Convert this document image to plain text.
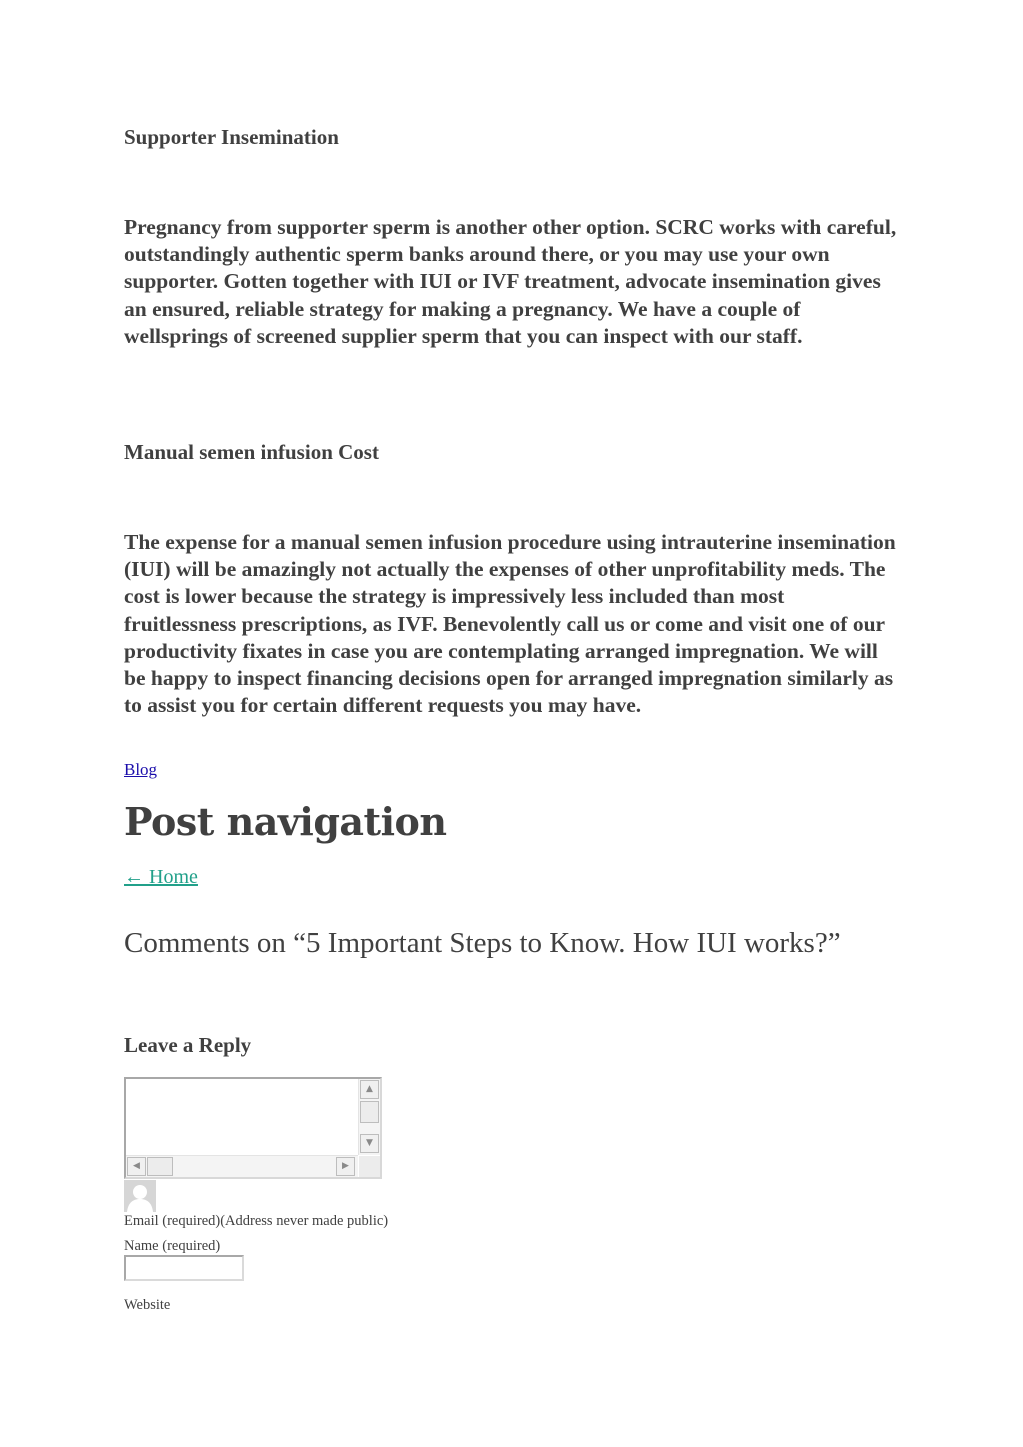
Supporter Insemination

Pregnancy from supporter sperm is another other option. SCRC works with careful, outstandingly authentic sperm banks around there, or you may use your own supporter. Gotten together with IUI or IVF treatment, advocate insemination gives an ensured, reliable strategy for making a pregnancy. We have a couple of wellsprings of screened supplier sperm that you can inspect with our staff.

Manual semen infusion Cost

The expense for a manual semen infusion procedure using intrauterine insemination (IUI) will be amazingly not actually the expenses of other unprofitability meds. The cost is lower because the strategy is impressively less included than most fruitlessness prescriptions, as IVF. Benevolently call us or come and visit one of our productivity fixates in case you are contemplating arranged impregnation. We will be happy to inspect financing decisions open for arranged impregnation similarly as to assist you for certain different requests you may have.

Blog
Post navigation
← Home
Comments on “5 Important Steps to Know. How IUI works?”
Leave a Reply
▲
▼
◀	▶
Email (required)(Address never made public)
Name (required)
Website
